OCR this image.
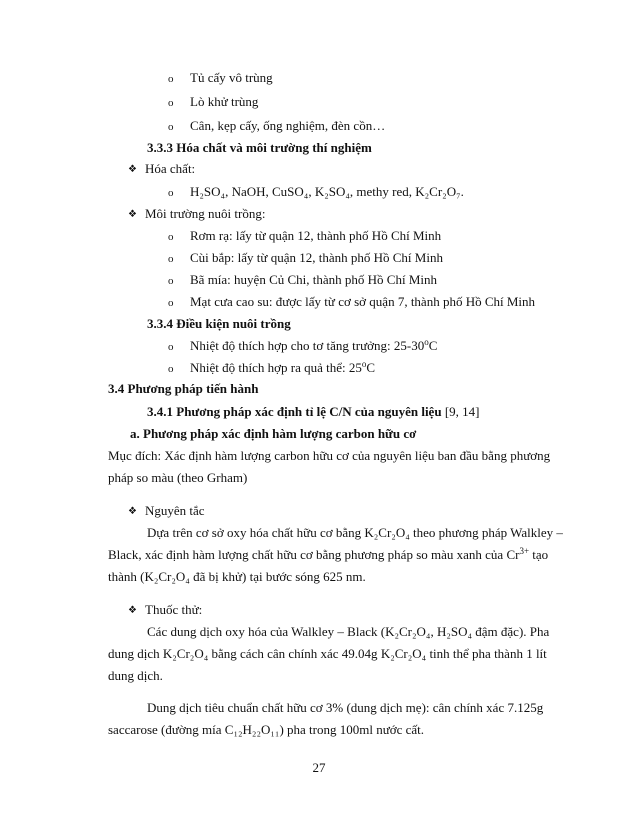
o Tủ cấy vô trùng
o Lò khử trùng
o Cân, kẹp cấy, ống nghiệm, đèn cồn…
3.3.3 Hóa chất và môi trường thí nghiệm
❖ Hóa chất:
o H₂SO₄, NaOH, CuSO₄, K₂SO₄, methy red, K₂Cr₂O₇.
❖ Môi trường nuôi trồng:
o Rơm rạ: lấy từ quận 12, thành phố Hồ Chí Minh
o Cùi bắp: lấy từ quận 12, thành phố Hồ Chí Minh
o Bã mía: huyện Củ Chi, thành phố Hồ Chí Minh
o Mạt cưa cao su: được lấy từ cơ sở quận 7, thành phố Hồ Chí Minh
3.3.4 Điều kiện nuôi trồng
o Nhiệt độ thích hợp cho tơ tăng trưởng: 25-30$^o$C
o Nhiệt độ thích hợp ra quả thể: 25$^o$C
3.4 Phương pháp tiến hành
3.4.1 Phương pháp xác định tỉ lệ C/N của nguyên liệu [9, 14]
a. Phương pháp xác định hàm lượng carbon hữu cơ
Mục đích: Xác định hàm lượng carbon hữu cơ của nguyên liệu ban đầu bằng phương
pháp so màu (theo Grham)
❖ Nguyên tắc
Dựa trên cơ sở oxy hóa chất hữu cơ bằng K₂Cr₂O₄ theo phương pháp Walkley –
Black, xác định hàm lượng chất hữu cơ bằng phương pháp so màu xanh của $Cr^{3+}$ tạo
thành (K₂Cr₂O₄ đã bị khử) tại bước sóng 625 nm.
❖ Thuốc thử:
Các dung dịch oxy hóa của Walkley – Black (K₂Cr₂O₄, H₂SO₄ đậm đặc). Pha
dung dịch K₂Cr₂O₄ bằng cách cân chính xác 49.04g K₂Cr₂O₄ tinh thể pha thành 1 lít
dung dịch.
Dung dịch tiêu chuẩn chất hữu cơ 3% (dung dịch mẹ): cân chính xác 7.125g
saccarose (đường mía C₁₂H₂₂O₁₁) pha trong 100ml nước cất.
27
